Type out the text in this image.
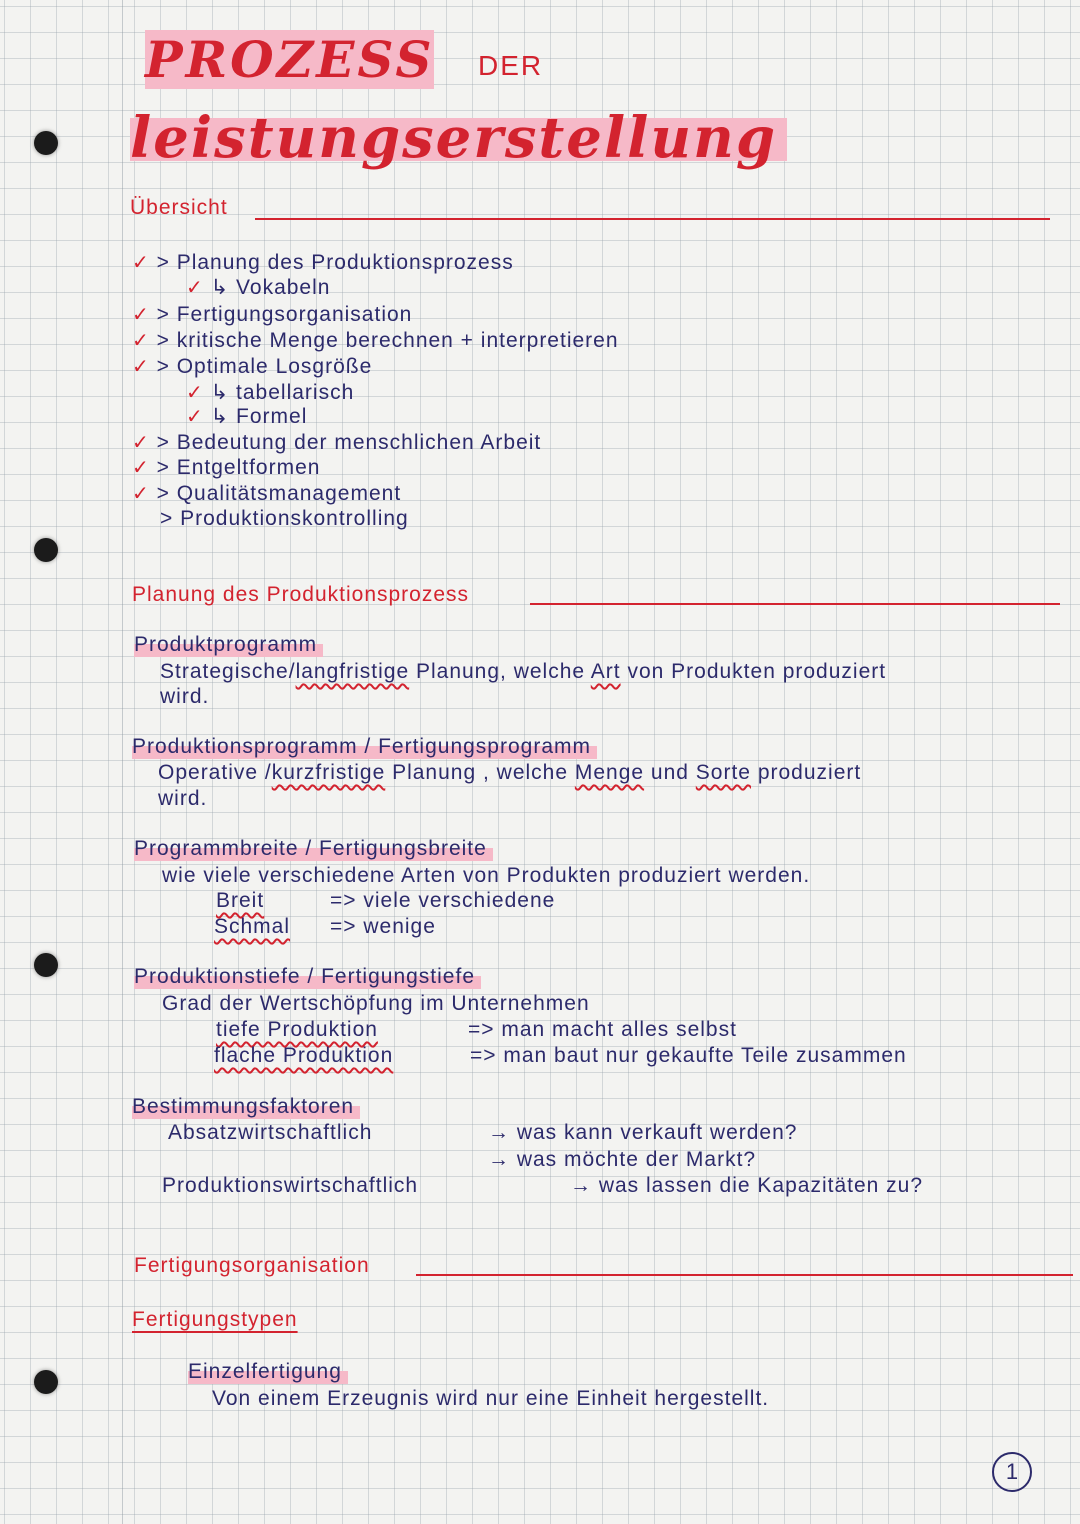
PROZESS DER
leistungserstellung
Übersicht
✓ > Planung des Produktionsprozess
✓ ↳ Vokabeln
✓ > Fertigungsorganisation
✓ > kritische Menge berechnen + interpretieren
✓ > Optimale Losgröße
✓ ↳ tabellarisch
✓ ↳ Formel
✓ > Bedeutung der menschlichen Arbeit
✓ > Entgeltformen
✓ > Qualitätsmanagement
> Produktionskontrolling
Planung des Produktionsprozess
Produktprogramm
Strategische/langfristige Planung, welche Art von Produkten produziert
wird.
Produktionsprogramm / Fertigungsprogramm
Operative /kurzfristige Planung , welche Menge und Sorte produziert
wird.
Programmbreite / Fertigungsbreite
wie viele verschiedene Arten von Produkten produziert werden.
Breit	=> viele verschiedene
Schmal => wenige
Produktionstiefe / Fertigungstiefe
Grad der Wertschöpfung im Unternehmen
tiefe Produktion	=> man macht alles selbst
flache Produktion	=> man baut nur gekaufte Teile zusammen
Bestimmungsfaktoren
Absatzwirtschaftlich	→ was kann verkauft werden?
→ was möchte der Markt?
Produktionswirtschaftlich	→ was lassen die Kapazitäten zu?
Fertigungsorganisation
Fertigungstypen
Einzelfertigung
Von einem Erzeugnis wird nur eine Einheit hergestellt.
1
